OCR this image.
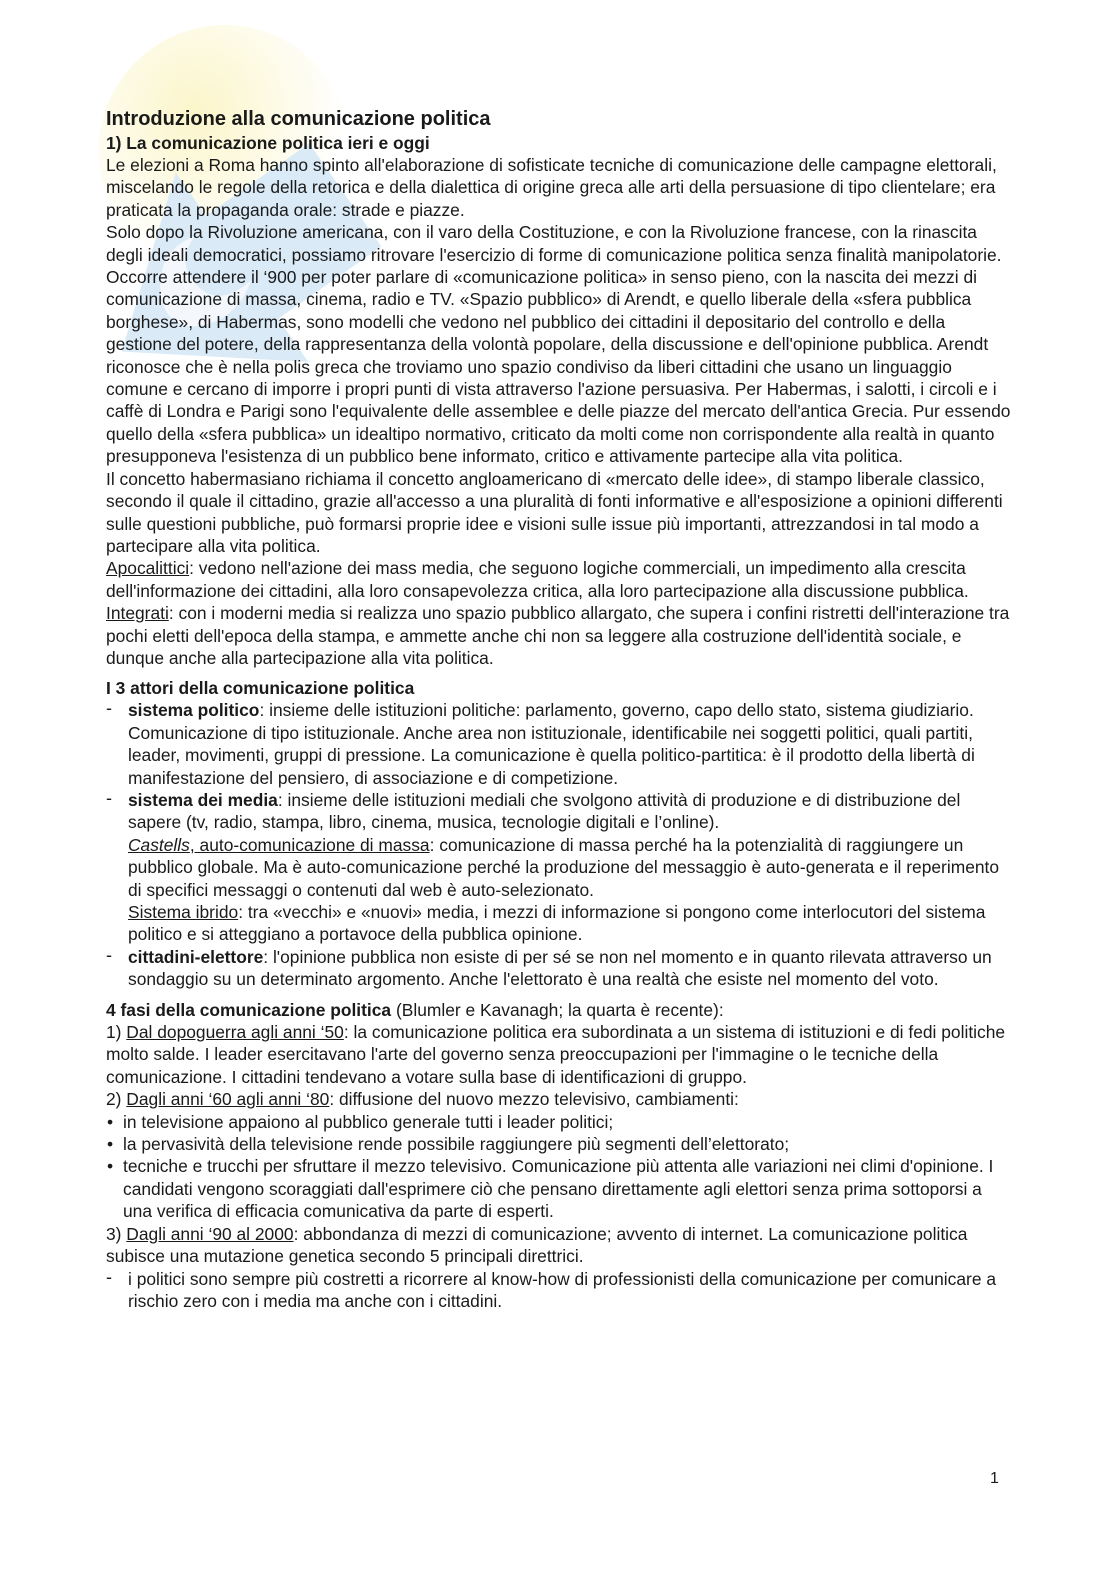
Introduzione alla comunicazione politica
1) La comunicazione politica ieri e oggi

Le elezioni a Roma hanno spinto all'elaborazione di sofisticate tecniche di comunicazione delle campagne elettorali, miscelando le regole della retorica e della dialettica di origine greca alle arti della persuasione di tipo clientelare; era praticata la propaganda orale: strade e piazze.

Solo dopo la Rivoluzione americana, con il varo della Costituzione, e con la Rivoluzione francese, con la rinascita degli ideali democratici, possiamo ritrovare l'esercizio di forme di comunicazione politica senza finalità manipolatorie. Occorre attendere il ‘900 per poter parlare di «comunicazione politica» in senso pieno, con la nascita dei mezzi di comunicazione di massa, cinema, radio e TV. «Spazio pubblico» di Arendt, e quello liberale della «sfera pubblica borghese», di Habermas, sono modelli che vedono nel pubblico dei cittadini il depositario del controllo e della gestione del potere, della rappresentanza della volontà popolare, della discussione e dell'opinione pubblica. Arendt riconosce che è nella polis greca che troviamo uno spazio condiviso da liberi cittadini che usano un linguaggio comune e cercano di imporre i propri punti di vista attraverso l'azione persuasiva. Per Habermas, i salotti, i circoli e i caffè di Londra e Parigi sono l'equivalente delle assemblee e delle piazze del mercato dell'antica Grecia. Pur essendo quello della «sfera pubblica» un idealtipo normativo, criticato da molti come non corrispondente alla realtà in quanto presupponeva l'esistenza di un pubblico bene informato, critico e attivamente partecipe alla vita politica.

Il concetto habermasiano richiama il concetto angloamericano di «mercato delle idee», di stampo liberale classico, secondo il quale il cittadino, grazie all'accesso a una pluralità di fonti informative e all'esposizione a opinioni differenti sulle questioni pubbliche, può formarsi proprie idee e visioni sulle issue più importanti, attrezzandosi in tal modo a partecipare alla vita politica.

Apocalittici: vedono nell'azione dei mass media, che seguono logiche commerciali, un impedimento alla crescita dell'informazione dei cittadini, alla loro consapevolezza critica, alla loro partecipazione alla discussione pubblica. Integrati: con i moderni media si realizza uno spazio pubblico allargato, che supera i confini ristretti dell'interazione tra pochi eletti dell'epoca della stampa, e ammette anche chi non sa leggere alla costruzione dell'identità sociale, e dunque anche alla partecipazione alla vita politica.

I 3 attori della comunicazione politica
- sistema politico: insieme delle istituzioni politiche: parlamento, governo, capo dello stato, sistema giudiziario. Comunicazione di tipo istituzionale. Anche area non istituzionale, identificabile nei soggetti politici, quali partiti, leader, movimenti, gruppi di pressione. La comunicazione è quella politico-partitica: è il prodotto della libertà di manifestazione del pensiero, di associazione e di competizione.
- sistema dei media: insieme delle istituzioni mediali che svolgono attività di produzione e di distribuzione del sapere (tv, radio, stampa, libro, cinema, musica, tecnologie digitali e l’online).
Castells, auto-comunicazione di massa: comunicazione di massa perché ha la potenzialità di raggiungere un pubblico globale. Ma è auto-comunicazione perché la produzione del messaggio è auto-generata e il reperimento di specifici messaggi o contenuti dal web è auto-selezionato.
Sistema ibrido: tra «vecchi» e «nuovi» media, i mezzi di informazione si pongono come interlocutori del sistema politico e si atteggiano a portavoce della pubblica opinione.
- cittadini-elettore: l'opinione pubblica non esiste di per sé se non nel momento e in quanto rilevata attraverso un sondaggio su un determinato argomento. Anche l'elettorato è una realtà che esiste nel momento del voto.

4 fasi della comunicazione politica (Blumler e Kavanagh; la quarta è recente):

1) Dal dopoguerra agli anni ‘50: la comunicazione politica era subordinata a un sistema di istituzioni e di fedi politiche molto salde. I leader esercitavano l'arte del governo senza preoccupazioni per l'immagine o le tecniche della comunicazione. I cittadini tendevano a votare sulla base di identificazioni di gruppo.

2) Dagli anni ‘60 agli anni ‘80: diffusione del nuovo mezzo televisivo, cambiamenti:

• in televisione appaiono al pubblico generale tutti i leader politici;
• la pervasività della televisione rende possibile raggiungere più segmenti dell’elettorato;
• tecniche e trucchi per sfruttare il mezzo televisivo. Comunicazione più attenta alle variazioni nei climi d'opinione. I candidati vengono scoraggiati dall'esprimere ciò che pensano direttamente agli elettori senza prima sottoporsi a una verifica di efficacia comunicativa da parte di esperti.

3) Dagli anni ‘90 al 2000: abbondanza di mezzi di comunicazione; avvento di internet. La comunicazione politica subisce una mutazione genetica secondo 5 principali direttrici.

- i politici sono sempre più costretti a ricorrere al know-how di professionisti della comunicazione per comunicare a rischio zero con i media ma anche con i cittadini.
1
